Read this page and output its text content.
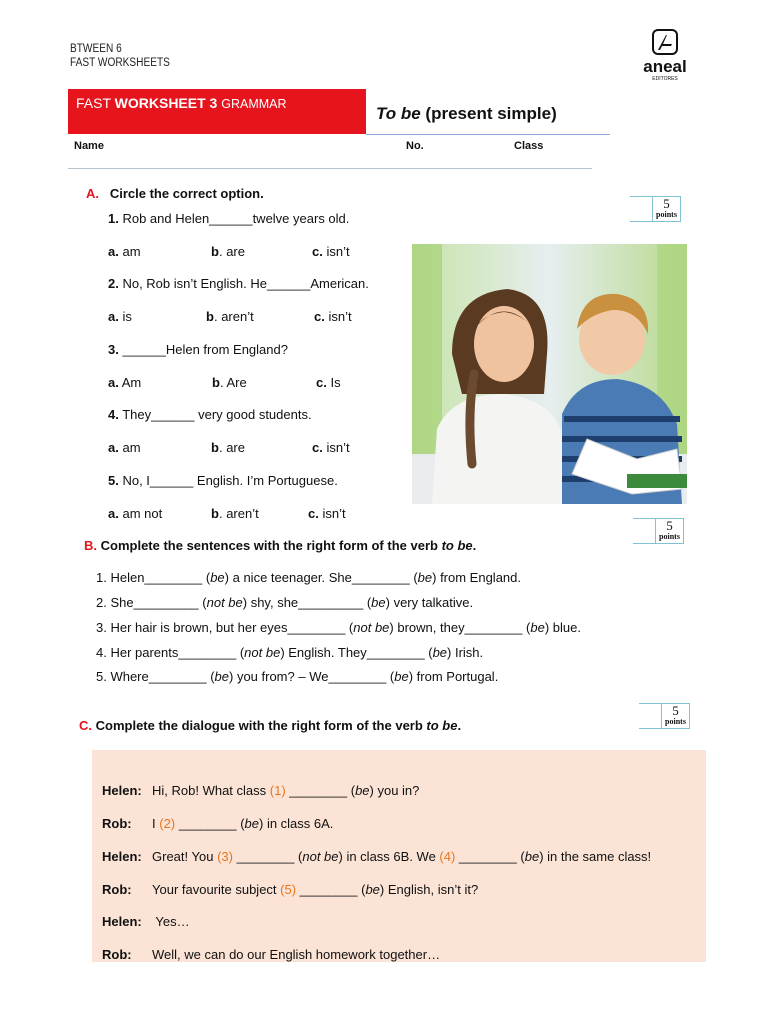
BTWEEN 6
FAST WORKSHEETS	aneal
EDITORES
FAST WORKSHEET 3 GRAMMAR	To be (present simple)
Name	No.	Class
A. Circle the correct option.
5
points
1. Rob and Helen______twelve years old.
a. am	b. are	c. isn’t
2. No, Rob isn’t English. He______American.
a. is	b. aren’t	c. isn’t
3. ______Helen from England?
a. Am	b. Are	c. Is
4. They______ very good students.
a. am	b. are	c. isn’t
5. No, I______ English. I’m Portuguese.
a. am not	b. aren’t	c. isn’t
5
points
B. Complete the sentences with the right form of the verb to be.
1. Helen________ (be) a nice teenager. She________ (be) from England.
2. She_________ (not be) shy, she_________ (be) very talkative.
3. Her hair is brown, but her eyes________ (not be) brown, they________ (be) blue.
4. Her parents________ (not be) English. They________ (be) Irish.
5. Where________ (be) you from? – We________ (be) from Portugal.
5
points
C. Complete the dialogue with the right form of the verb to be.
Helen: Hi, Rob! What class (1) ________ (be) you in?
Rob: I (2) ________ (be) in class 6A.
Helen: Great! You (3) ________ (not be) in class 6B. We (4) ________ (be) in the same class!
Rob: Your favourite subject (5) ________ (be) English, isn’t it?
Helen: Yes…
Rob: Well, we can do our English homework together…
